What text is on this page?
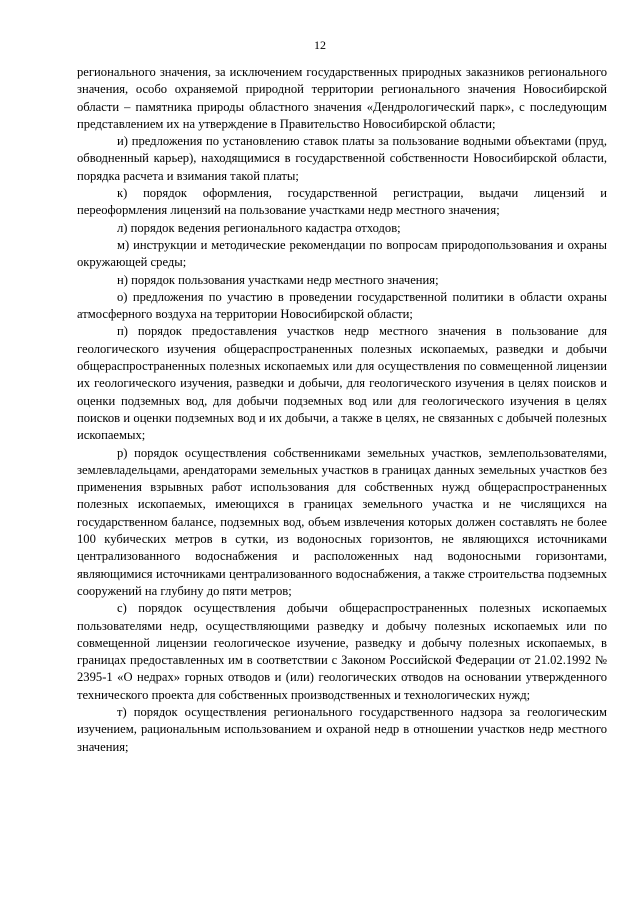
12

регионального значения, за исключением государственных природных заказников регионального значения, особо охраняемой природной территории регионального значения Новосибирской области – памятника природы областного значения «Дендрологический парк», с последующим представлением их на утверждение в Правительство Новосибирской области;

и) предложения по установлению ставок платы за пользование водными объектами (пруд, обводненный карьер), находящимися в государственной собственности Новосибирской области, порядка расчета и взимания такой платы;

к) порядок оформления, государственной регистрации, выдачи лицензий и переоформления лицензий на пользование участками недр местного значения;

л) порядок ведения регионального кадастра отходов;

м) инструкции и методические рекомендации по вопросам природопользования и охраны окружающей среды;

н) порядок пользования участками недр местного значения;

о) предложения по участию в проведении государственной политики в области охраны атмосферного воздуха на территории Новосибирской области;

п) порядок предоставления участков недр местного значения в пользование для геологического изучения общераспространенных полезных ископаемых, разведки и добычи общераспространенных полезных ископаемых или для осуществления по совмещенной лицензии их геологического изучения, разведки и добычи, для геологического изучения в целях поисков и оценки подземных вод, для добычи подземных вод или для геологического изучения в целях поисков и оценки подземных вод и их добычи, а также в целях, не связанных с добычей полезных ископаемых;

р) порядок осуществления собственниками земельных участков, землепользователями, землевладельцами, арендаторами земельных участков в границах данных земельных участков без применения взрывных работ использования для собственных нужд общераспространенных полезных ископаемых, имеющихся в границах земельного участка и не числящихся на государственном балансе, подземных вод, объем извлечения которых должен составлять не более 100 кубических метров в сутки, из водоносных горизонтов, не являющихся источниками централизованного водоснабжения и расположенных над водоносными горизонтами, являющимися источниками централизованного водоснабжения, а также строительства подземных сооружений на глубину до пяти метров;

с) порядок осуществления добычи общераспространенных полезных ископаемых пользователями недр, осуществляющими разведку и добычу полезных ископаемых или по совмещенной лицензии геологическое изучение, разведку и добычу полезных ископаемых, в границах предоставленных им в соответствии с Законом Российской Федерации от 21.02.1992 № 2395-1 «О недрах» горных отводов и (или) геологических отводов на основании утвержденного технического проекта для собственных производственных и технологических нужд;

т) порядок осуществления регионального государственного надзора за геологическим изучением, рациональным использованием и охраной недр в отношении участков недр местного значения;
